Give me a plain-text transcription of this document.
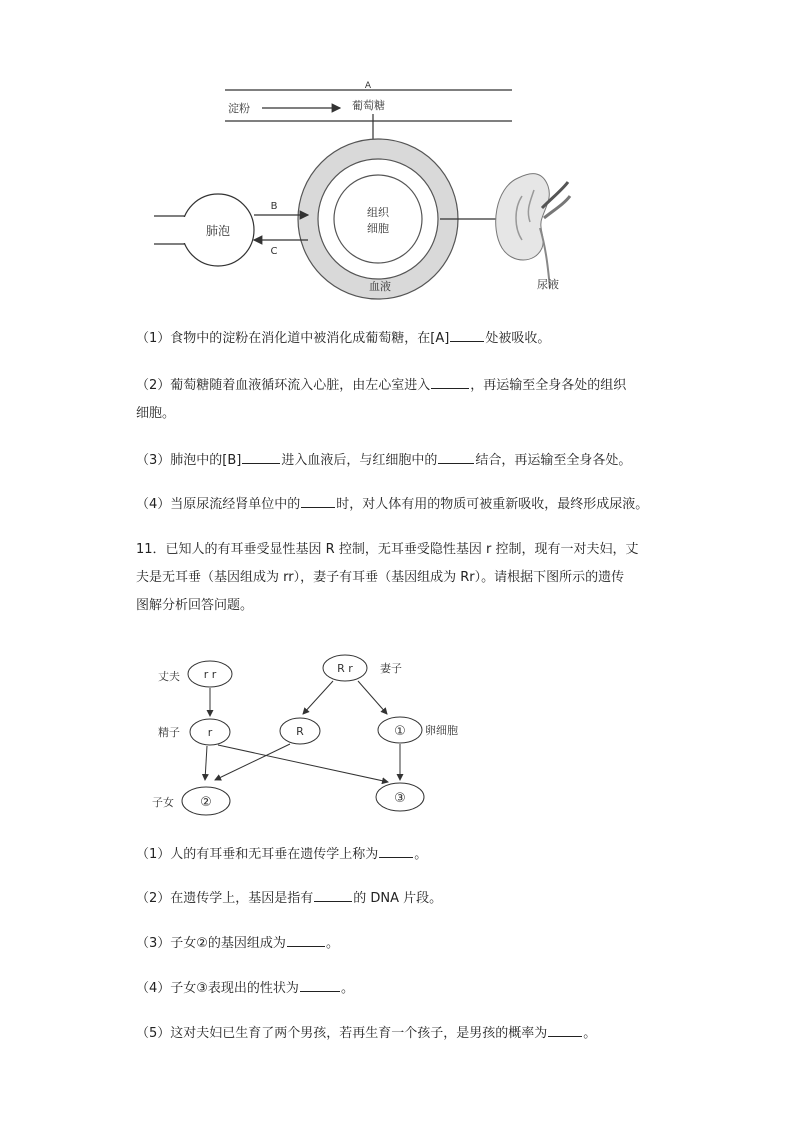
A
淀粉	葡萄糖
组织
细胞
血液
肺泡
B
C
尿液
（1）食物中的淀粉在消化道中被消化成葡萄糖，在[A]	处被吸收。
（2）葡萄糖随着血液循环流入心脏，由左心室进入	，再运输至全身各处的组织
细胞。
（3）肺泡中的[B]	进入血液后，与红细胞中的	结合，再运输至全身各处。
（4）当原尿流经肾单位中的	时，对人体有用的物质可被重新吸收，最终形成尿液。
11．已知人的有耳垂受显性基因 R 控制，无耳垂受隐性基因 r 控制，现有一对夫妇，丈
夫是无耳垂（基因组成为 rr），妻子有耳垂（基因组成为 Rr）。请根据下图所示的遗传
图解分析回答问题。
丈夫 r r	R r 妻子
精子	r	R	① 卵细胞
子女 ②	③
（1）人的有耳垂和无耳垂在遗传学上称为	。
（2）在遗传学上，基因是指有	的 DNA 片段。
（3）子女②的基因组成为	。
（4）子女③表现出的性状为	。
（5）这对夫妇已生育了两个男孩，若再生育一个孩子，是男孩的概率为	。
